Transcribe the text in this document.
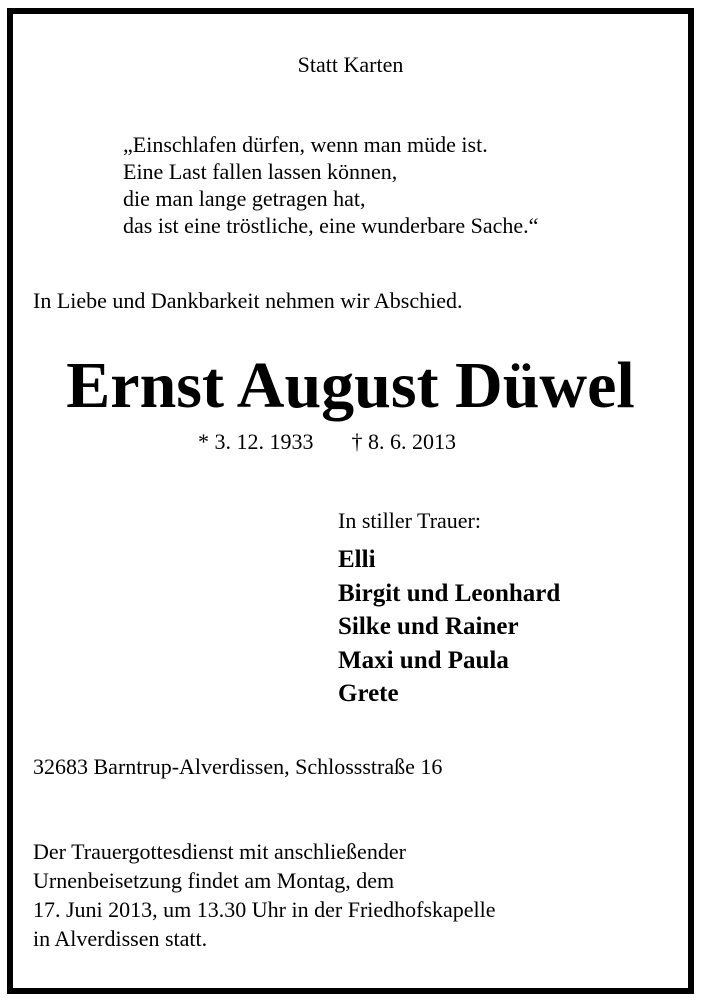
Statt Karten
„Einschlafen dürfen, wenn man müde ist.
Eine Last fallen lassen können,
die man lange getragen hat,
das ist eine tröstliche, eine wunderbare Sache.“
In Liebe und Dankbarkeit nehmen wir Abschied.
Ernst August Düwel
* 3. 12. 1933 † 8. 6. 2013
In stiller Trauer:
Elli
Birgit und Leonhard
Silke und Rainer
Maxi und Paula
Grete
32683 Barntrup-Alverdissen, Schlossstraße 16
Der Trauergottesdienst mit anschließender
Urnenbeisetzung findet am Montag, dem
17. Juni 2013, um 13.30 Uhr in der Friedhofskapelle
in Alverdissen statt.
